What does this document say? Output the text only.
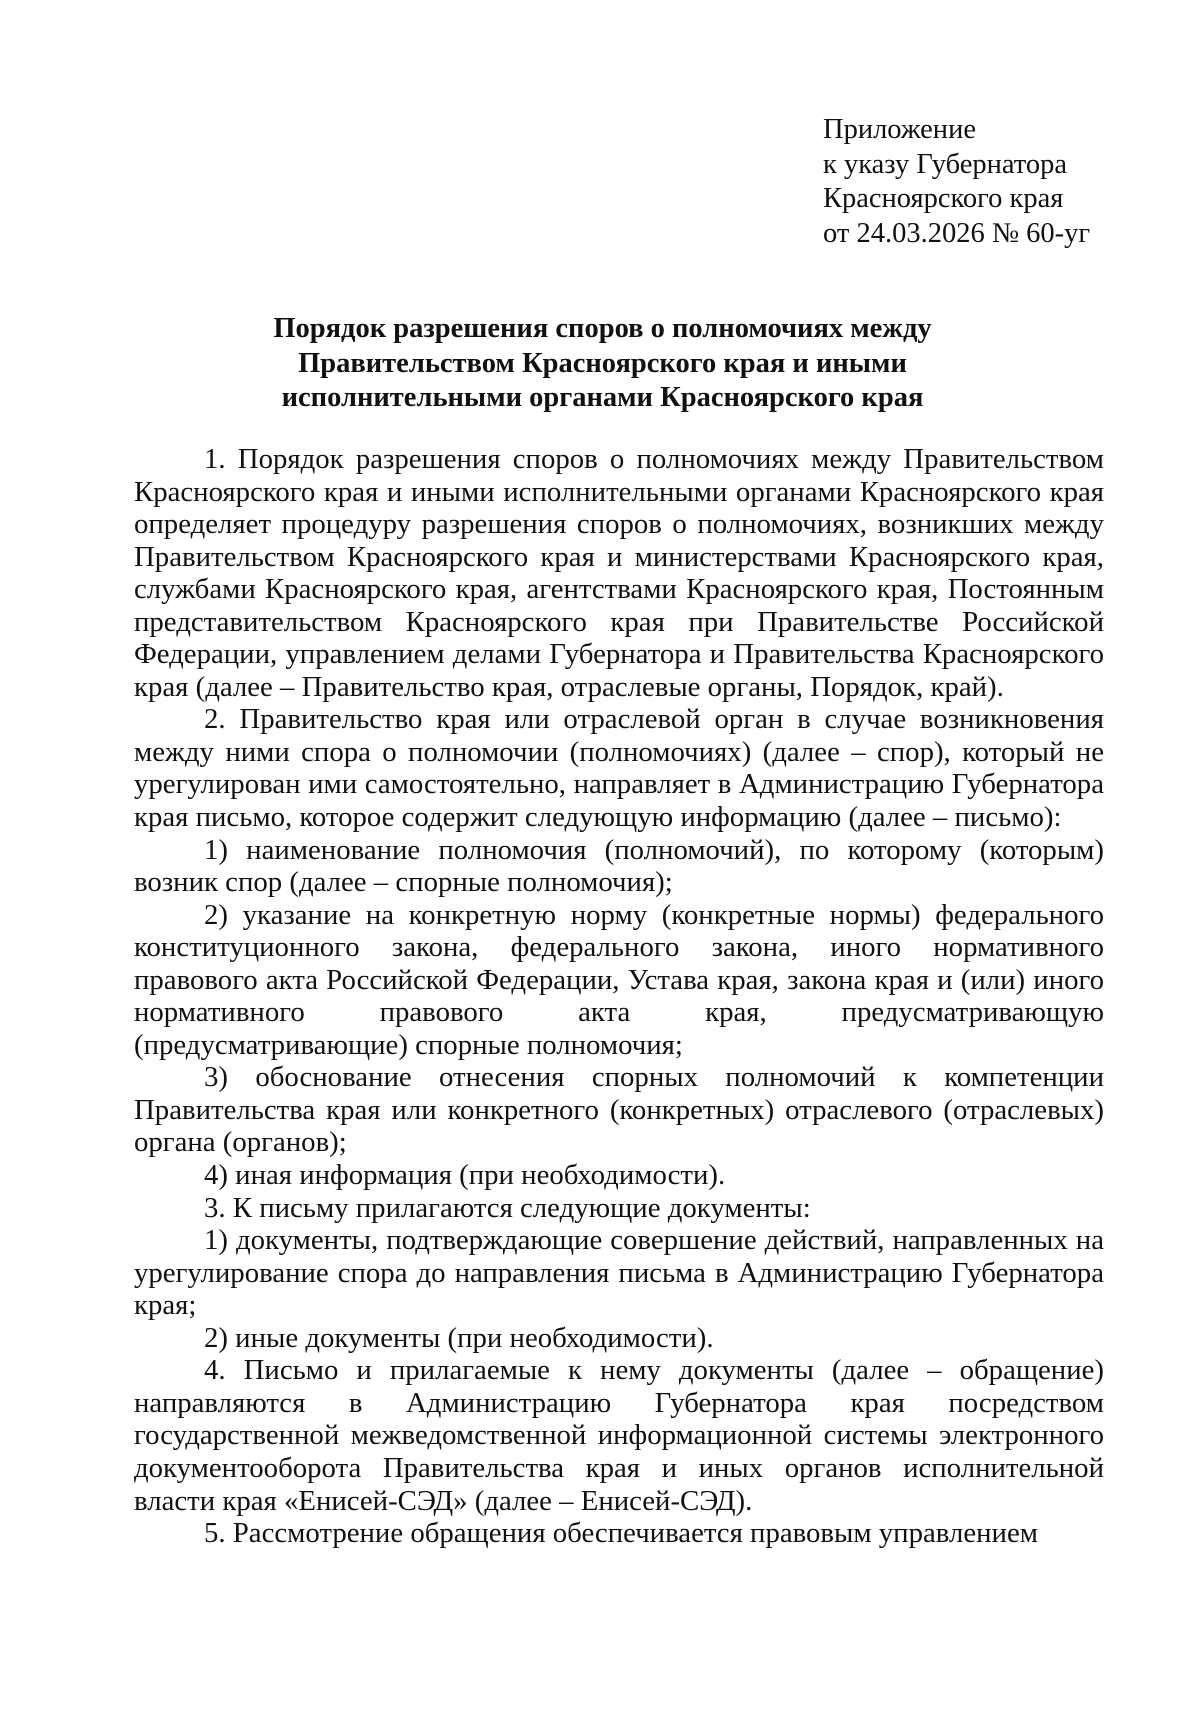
Приложение
к указу Губернатора
Красноярского края
от 24.03.2026 № 60-уг
Порядок разрешения споров о полномочиях между
Правительством Красноярского края и иными
исполнительными органами Красноярского края

1. Порядок разрешения споров о полномочиях между Правительством Красноярского края и иными исполнительными органами Красноярского края определяет процедуру разрешения споров о полномочиях, возникших между Правительством Красноярского края и министерствами Красноярского края, службами Красноярского края, агентствами Красноярского края, Постоянным представительством Красноярского края при Правительстве Российской Федерации, управлением делами Губернатора и Правительства Красноярского края (далее – Правительство края, отраслевые органы, Порядок, край).

2. Правительство края или отраслевой орган в случае возникновения между ними спора о полномочии (полномочиях) (далее – спор), который не урегулирован ими самостоятельно, направляет в Администрацию Губернатора края письмо, которое содержит следующую информацию (далее – письмо):

1) наименование полномочия (полномочий), по которому (которым) возник спор (далее – спорные полномочия);

2) указание на конкретную норму (конкретные нормы) федерального конституционного закона, федерального закона, иного нормативного правового акта Российской Федерации, Устава края, закона края и (или) иного нормативного правового акта края, предусматривающую (предусматривающие) спорные полномочия;

3) обоснование отнесения спорных полномочий к компетенции Правительства края или конкретного (конкретных) отраслевого (отраслевых) органа (органов);

4) иная информация (при необходимости).

3. К письму прилагаются следующие документы:

1) документы, подтверждающие совершение действий, направленных на урегулирование спора до направления письма в Администрацию Губернатора края;

2) иные документы (при необходимости).

4. Письмо и прилагаемые к нему документы (далее – обращение) направляются в Администрацию Губернатора края посредством государственной межведомственной информационной системы электронного документооборота Правительства края и иных органов исполнительной власти края «Енисей-СЭД» (далее – Енисей-СЭД).

5. Рассмотрение обращения обеспечивается правовым управлением
